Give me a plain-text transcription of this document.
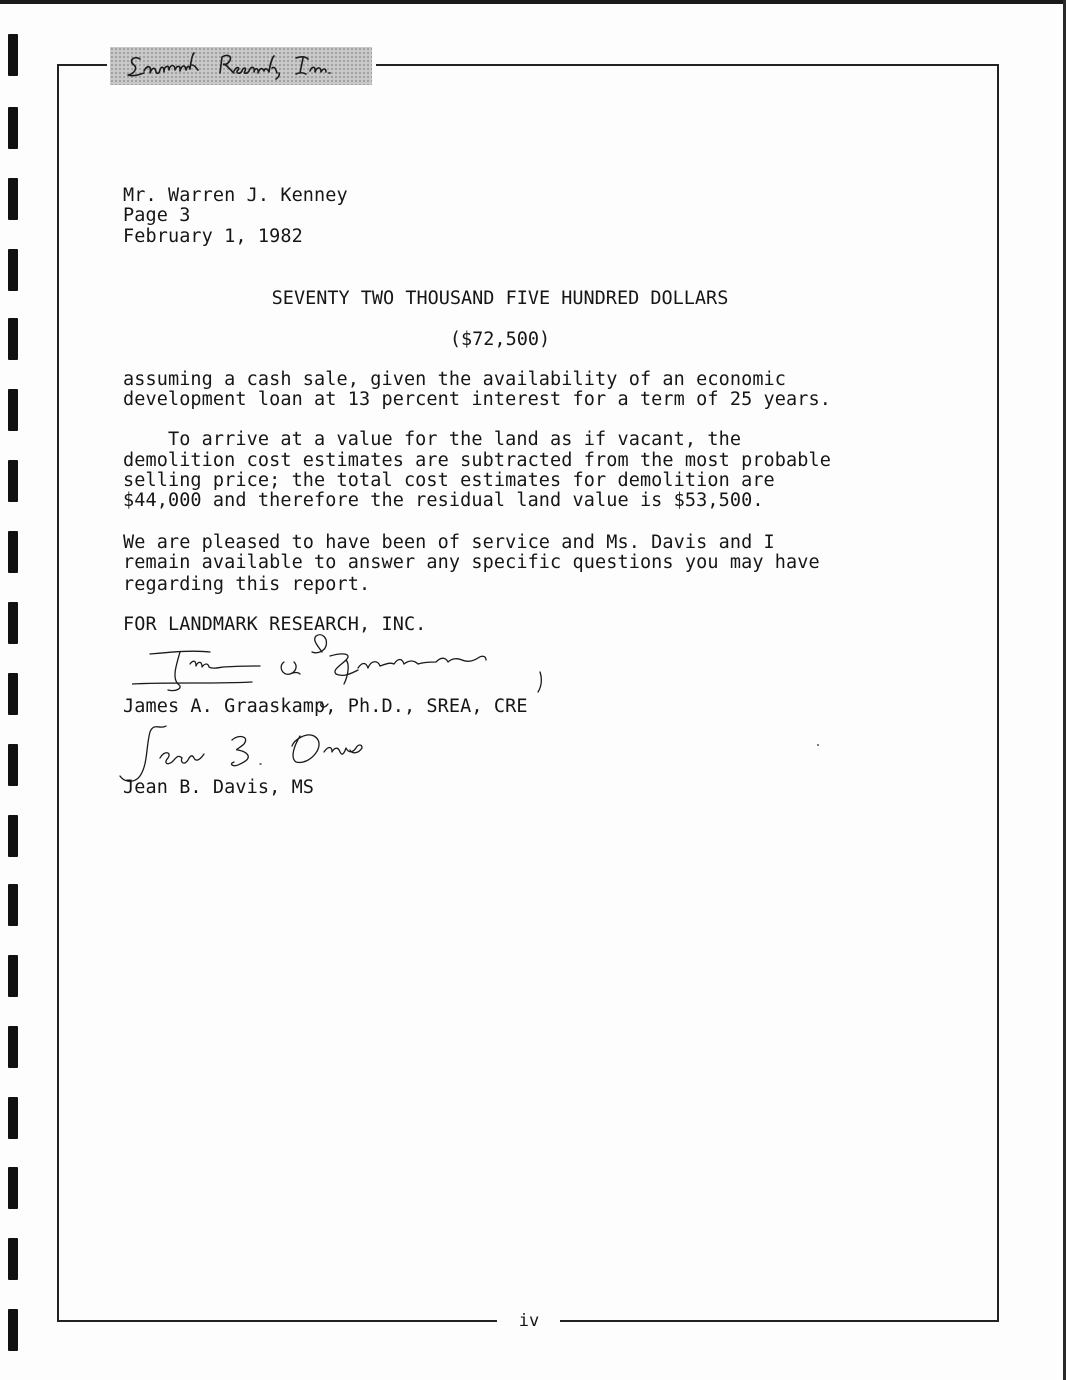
Mr. Warren J. Kenney
Page 3
February 1, 1982
SEVENTY TWO THOUSAND FIVE HUNDRED DOLLARS
($72,500)
assuming a cash sale, given the availability of an economic
development loan at 13 percent interest for a term of 25 years.
To arrive at a value for the land as if vacant, the
demolition cost estimates are subtracted from the most probable
selling price; the total cost estimates for demolition are
$44,000 and therefore the residual land value is $53,500.
We are pleased to have been of service and Ms. Davis and I
remain available to answer any specific questions you may have
regarding this report.
FOR LANDMARK RESEARCH, INC.
James A. Graaskamp, Ph.D., SREA, CRE
Jean B. Davis, MS
iv
